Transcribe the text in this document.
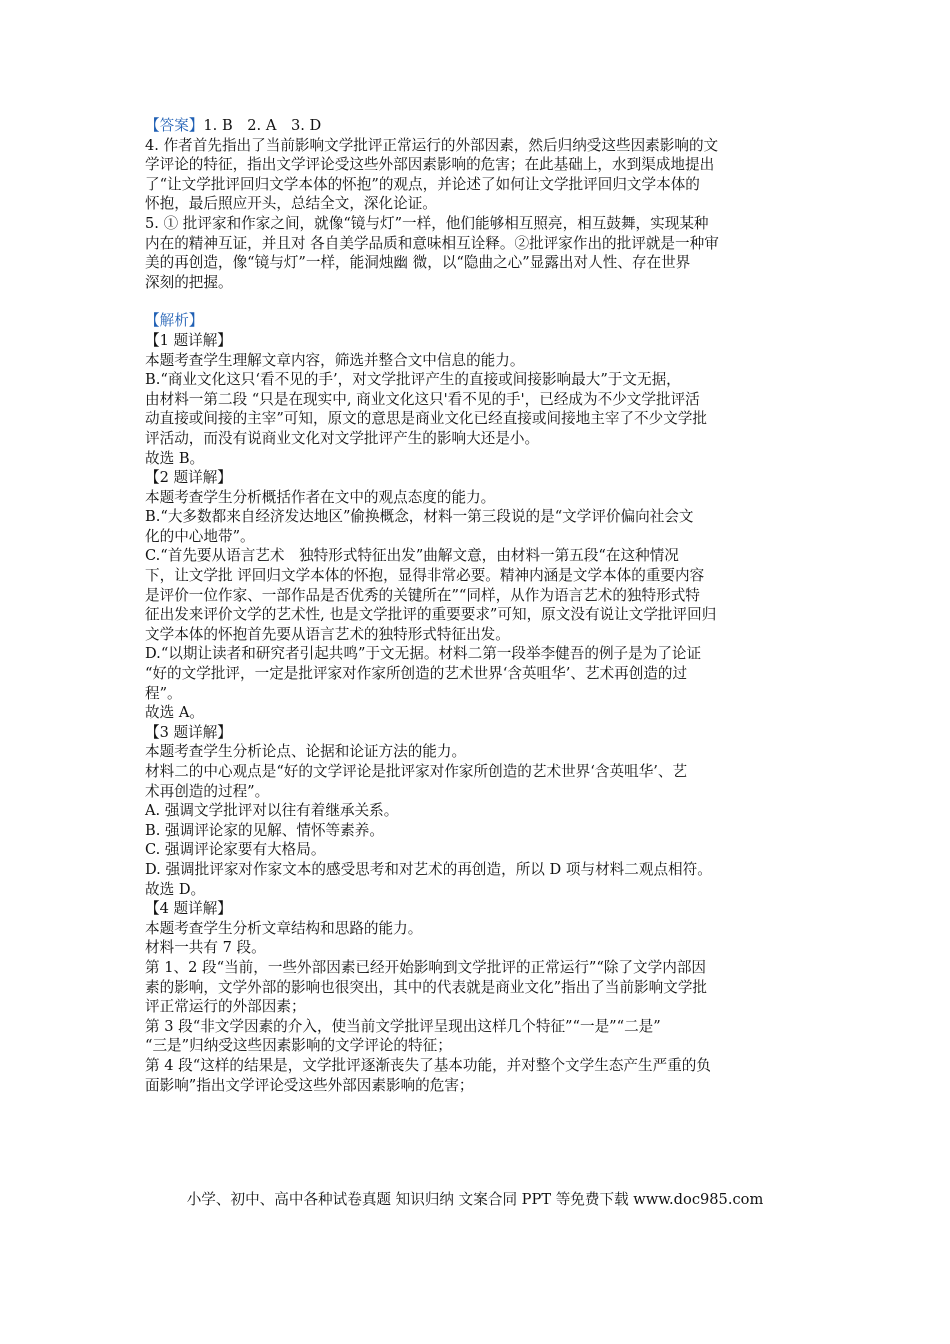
【答案】1. B　2. A　3. D

4. 作者首先指出了当前影响文学批评正常运行的外部因素，然后归纳受这些因素影响的文

学评论的特征，指出文学评论受这些外部因素影响的危害；在此基础上，水到渠成地提出

了“让文学批评回归文学本体的怀抱”的观点，并论述了如何让文学批评回归文学本体的

怀抱，最后照应开头，总结全文，深化论证。

5. ① 批评家和作家之间，就像“镜与灯”一样，他们能够相互照亮，相互鼓舞，实现某种

内在的精神互证，并且对 各自美学品质和意味相互诠释。②批评家作出的批评就是一种审

美的再创造，像“镜与灯”一样，能洞烛幽 微，以“隐曲之心”显露出对人性、存在世界

深刻的把握。

【解析】

【1 题详解】

本题考查学生理解文章内容，筛选并整合文中信息的能力。

B.“商业文化这只‘看不见的手’，对文学批评产生的直接或间接影响最大”于文无据，

由材料一第二段 “只是在现实中, 商业文化这只'看不见的手'，已经成为不少文学批评活

动直接或间接的主宰”可知，原文的意思是商业文化已经直接或间接地主宰了不少文学批

评活动，而没有说商业文化对文学批评产生的影响大还是小。

故选 B。

【2 题详解】

本题考查学生分析概括作者在文中的观点态度的能力。

B.“大多数都来自经济发达地区”偷换概念，材料一第三段说的是“文学评价偏向社会文

化的中心地带”。

C.“首先要从语言艺术　独特形式特征出发”曲解文意，由材料一第五段“在这种情况

下，让文学批 评回归文学本体的怀抱，显得非常必要。精神内涵是文学本体的重要内容

是评价一位作家、一部作品是否优秀的关键所在”“同样，从作为语言艺术的独特形式特

征出发来评价文学的艺术性, 也是文学批评的重要要求”可知，原文没有说让文学批评回归

文学本体的怀抱首先要从语言艺术的独特形式特征出发。

D.“以期让读者和研究者引起共鸣”于文无据。材料二第一段举李健吾的例子是为了论证

“好的文学批评，一定是批评家对作家所创造的艺术世界‘含英咀华’、艺术再创造的过

程”。

故选 A。

【3 题详解】

本题考查学生分析论点、论据和论证方法的能力。

材料二的中心观点是“好的文学评论是批评家对作家所创造的艺术世界‘含英咀华’、艺

术再创造的过程”。

A. 强调文学批评对以往有着继承关系。

B. 强调评论家的见解、情怀等素养。

C. 强调评论家要有大格局。

D. 强调批评家对作家文本的感受思考和对艺术的再创造，所以 D 项与材料二观点相符。

故选 D。

【4 题详解】

本题考查学生分析文章结构和思路的能力。

材料一共有 7 段。

第 1、2 段“当前，一些外部因素已经开始影响到文学批评的正常运行”“除了文学内部因

素的影响，文学外部的影响也很突出，其中的代表就是商业文化”指出了当前影响文学批

评正常运行的外部因素；

第 3 段“非文学因素的介入，使当前文学批评呈现出这样几个特征”“一是”“二是”

“三是”归纳受这些因素影响的文学评论的特征；

第 4 段“这样的结果是，文学批评逐渐丧失了基本功能，并对整个文学生态产生严重的负

面影响”指出文学评论受这些外部因素影响的危害；

小学、初中、高中各种试卷真题 知识归纳 文案合同 PPT 等免费下载 www.doc985.com
